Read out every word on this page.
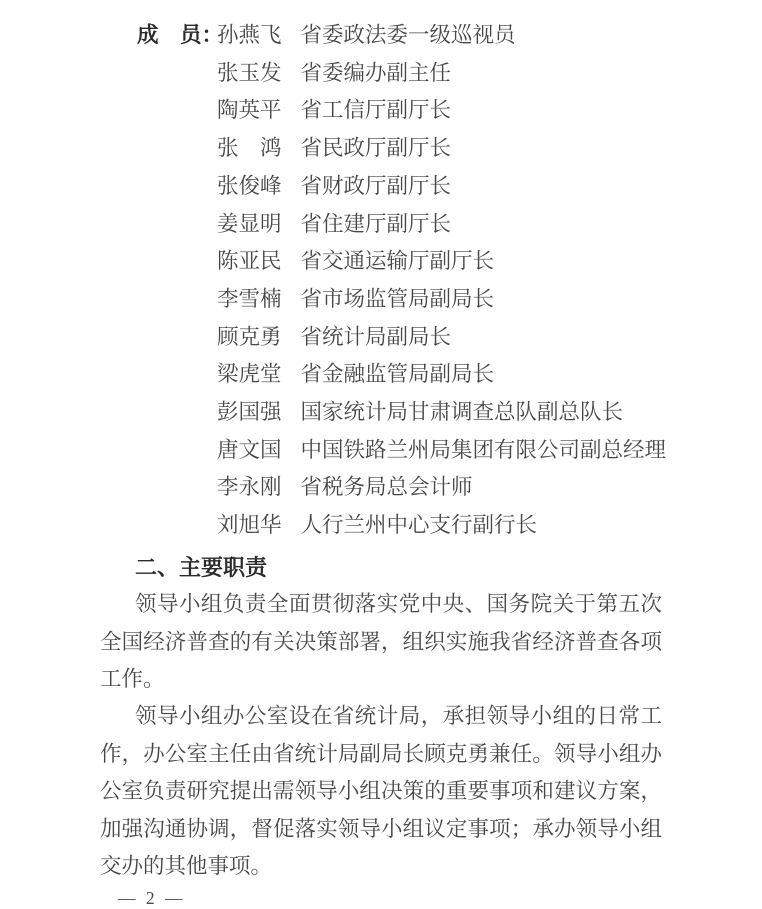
成　员：孙燕飞 省委政法委一级巡视员
张玉发 省委编办副主任
陶英平 省工信厅副厅长
张　鸿 省民政厅副厅长
张俊峰 省财政厅副厅长
姜显明 省住建厅副厅长
陈亚民 省交通运输厅副厅长
李雪楠 省市场监管局副局长
顾克勇 省统计局副局长
梁虎堂 省金融监管局副局长
彭国强 国家统计局甘肃调查总队副总队长
唐文国 中国铁路兰州局集团有限公司副总经理
李永刚 省税务局总会计师
刘旭华 人行兰州中心支行副行长
二、主要职责

领导小组负责全面贯彻落实党中央、国务院关于第五次全国经济普查的有关决策部署，组织实施我省经济普查各项工作。

领导小组办公室设在省统计局，承担领导小组的日常工作，办公室主任由省统计局副局长顾克勇兼任。领导小组办公室负责研究提出需领导小组决策的重要事项和建议方案，加强沟通协调，督促落实领导小组议定事项；承办领导小组交办的其他事项。

— 2 —
